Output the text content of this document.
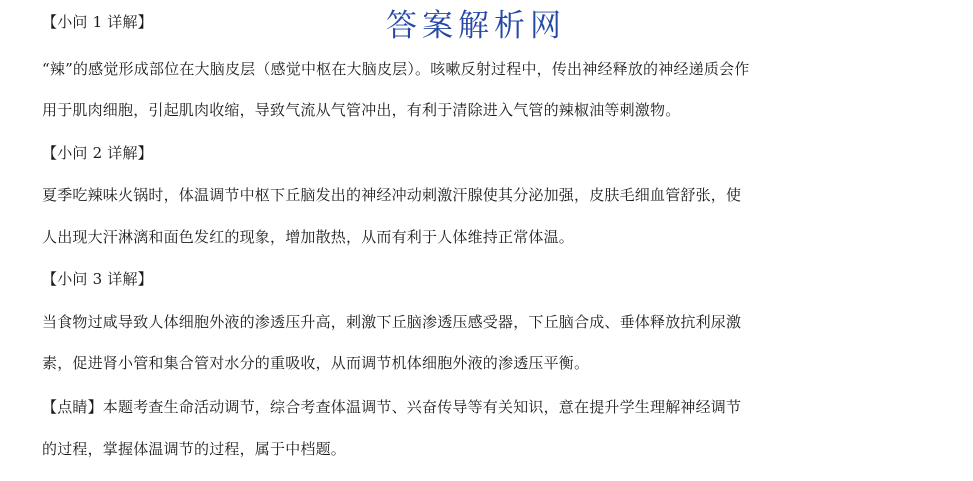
【小问 1 详解】	答案解析网
“辣”的感觉形成部位在大脑皮层（感觉中枢在大脑皮层）。咳嗽反射过程中，传出神经释放的神经递质会作
用于肌肉细胞，引起肌肉收缩，导致气流从气管冲出，有利于清除进入气管的辣椒油等刺激物。
【小问 2 详解】
夏季吃辣味火锅时，体温调节中枢下丘脑发出的神经冲动刺激汗腺使其分泌加强，皮肤毛细血管舒张，使
人出现大汗淋漓和面色发红的现象，增加散热，从而有利于人体维持正常体温。
【小问 3 详解】
当食物过咸导致人体细胞外液的渗透压升高，刺激下丘脑渗透压感受器，下丘脑合成、垂体释放抗利尿激
素，促进肾小管和集合管对水分的重吸收，从而调节机体细胞外液的渗透压平衡。
【点睛】本题考查生命活动调节，综合考查体温调节、兴奋传导等有关知识，意在提升学生理解神经调节
的过程，掌握体温调节的过程，属于中档题。
